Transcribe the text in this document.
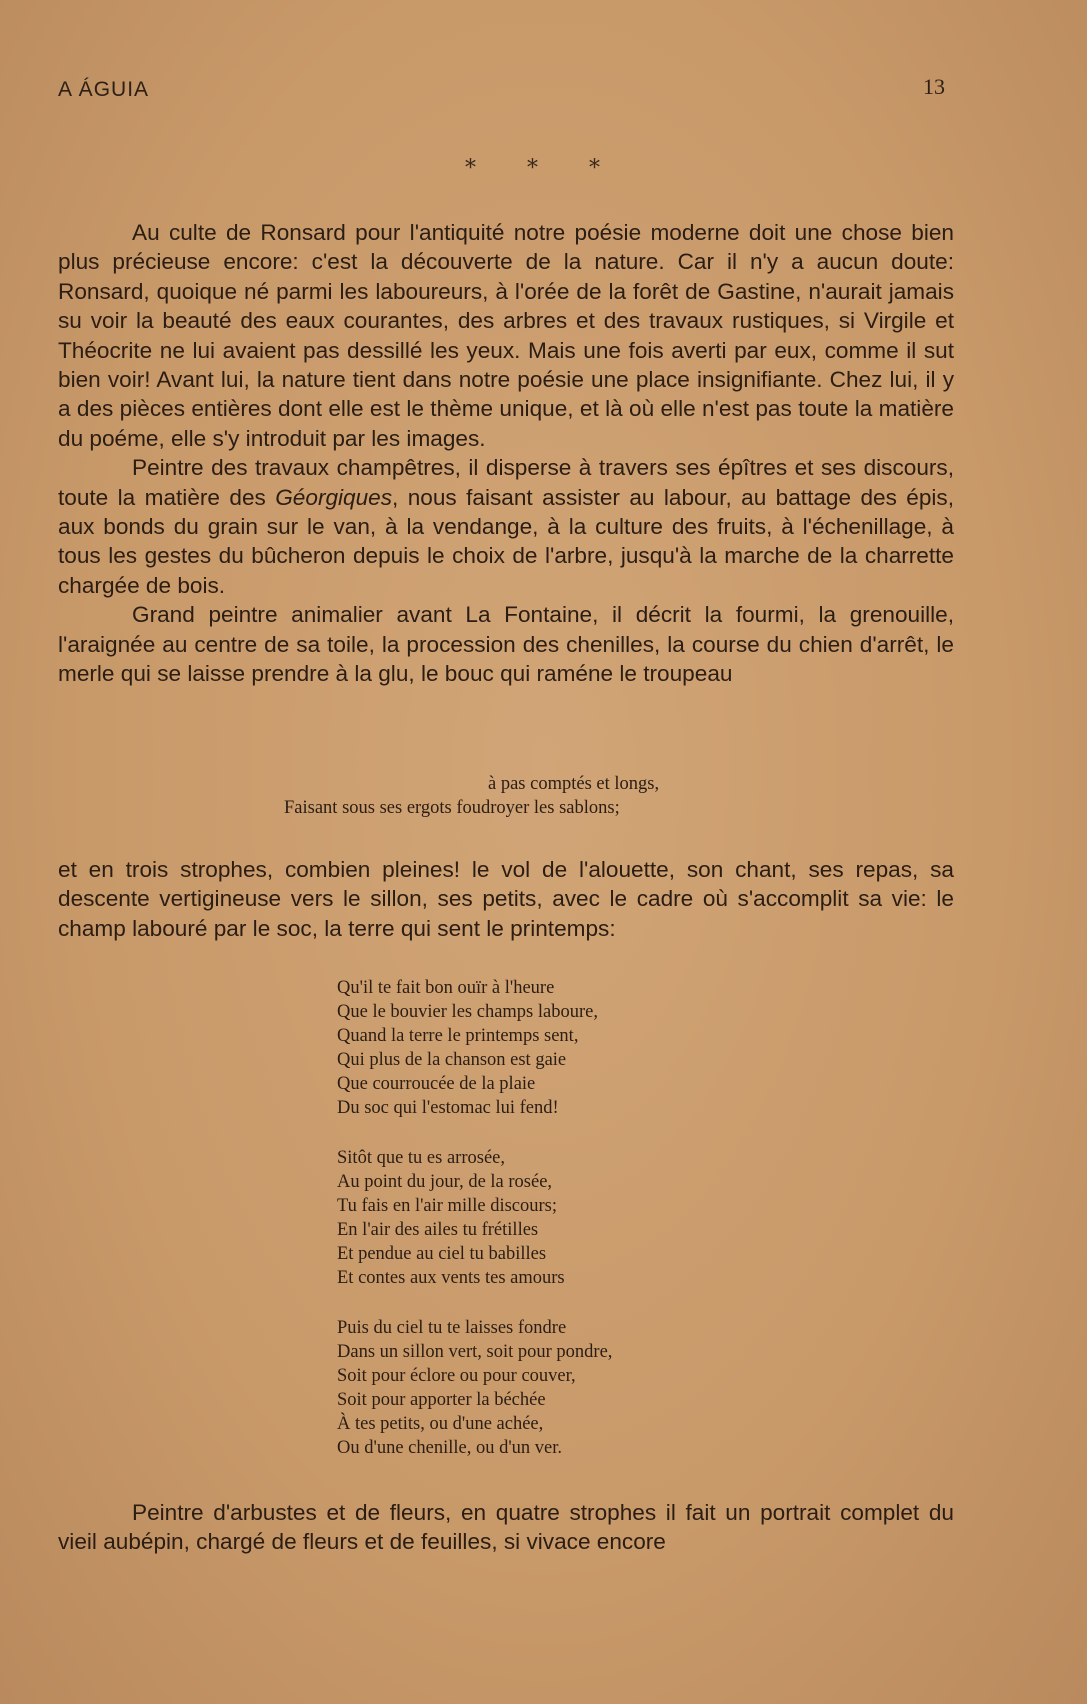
A ÁGUIA	13
* * *

Au culte de Ronsard pour l'antiquité notre poésie moderne doit une chose bien plus précieuse encore: c'est la découverte de la nature. Car il n'y a aucun doute: Ronsard, quoique né parmi les laboureurs, à l'orée de la forêt de Gastine, n'aurait jamais su voir la beauté des eaux courantes, des arbres et des travaux rustiques, si Virgile et Théocrite ne lui avaient pas dessillé les yeux. Mais une fois averti par eux, comme il sut bien voir! Avant lui, la nature tient dans notre poésie une place insignifiante. Chez lui, il y a des pièces entières dont elle est le thème unique, et là où elle n'est pas toute la matière du poéme, elle s'y introduit par les images.

Peintre des travaux champêtres, il disperse à travers ses épîtres et ses discours, toute la matière des Géorgiques, nous faisant assister au labour, au battage des épis, aux bonds du grain sur le van, à la vendange, à la culture des fruits, à l'échenillage, à tous les gestes du bûcheron depuis le choix de l'arbre, jusqu'à la marche de la charrette chargée de bois.

Grand peintre animalier avant La Fontaine, il décrit la fourmi, la grenouille, l'araignée au centre de sa toile, la procession des chenilles, la course du chien d'arrêt, le merle qui se laisse prendre à la glu, le bouc qui raméne le troupeau

à pas comptés et longs,
Faisant sous ses ergots foudroyer les sablons;

et en trois strophes, combien pleines! le vol de l'alouette, son chant, ses repas, sa descente vertigineuse vers le sillon, ses petits, avec le cadre où s'accomplit sa vie: le champ labouré par le soc, la terre qui sent le printemps:

Qu'il te fait bon ouïr à l'heure
Que le bouvier les champs laboure,
Quand la terre le printemps sent,
Qui plus de la chanson est gaie
Que courroucée de la plaie
Du soc qui l'estomac lui fend!
Sitôt que tu es arrosée,
Au point du jour, de la rosée,
Tu fais en l'air mille discours;
En l'air des ailes tu frétilles
Et pendue au ciel tu babilles
Et contes aux vents tes amours
Puis du ciel tu te laisses fondre
Dans un sillon vert, soit pour pondre,
Soit pour éclore ou pour couver,
Soit pour apporter la béchée
À tes petits, ou d'une achée,
Ou d'une chenille, ou d'un ver.

Peintre d'arbustes et de fleurs, en quatre strophes il fait un portrait complet du vieil aubépin, chargé de fleurs et de feuilles, si vivace encore
